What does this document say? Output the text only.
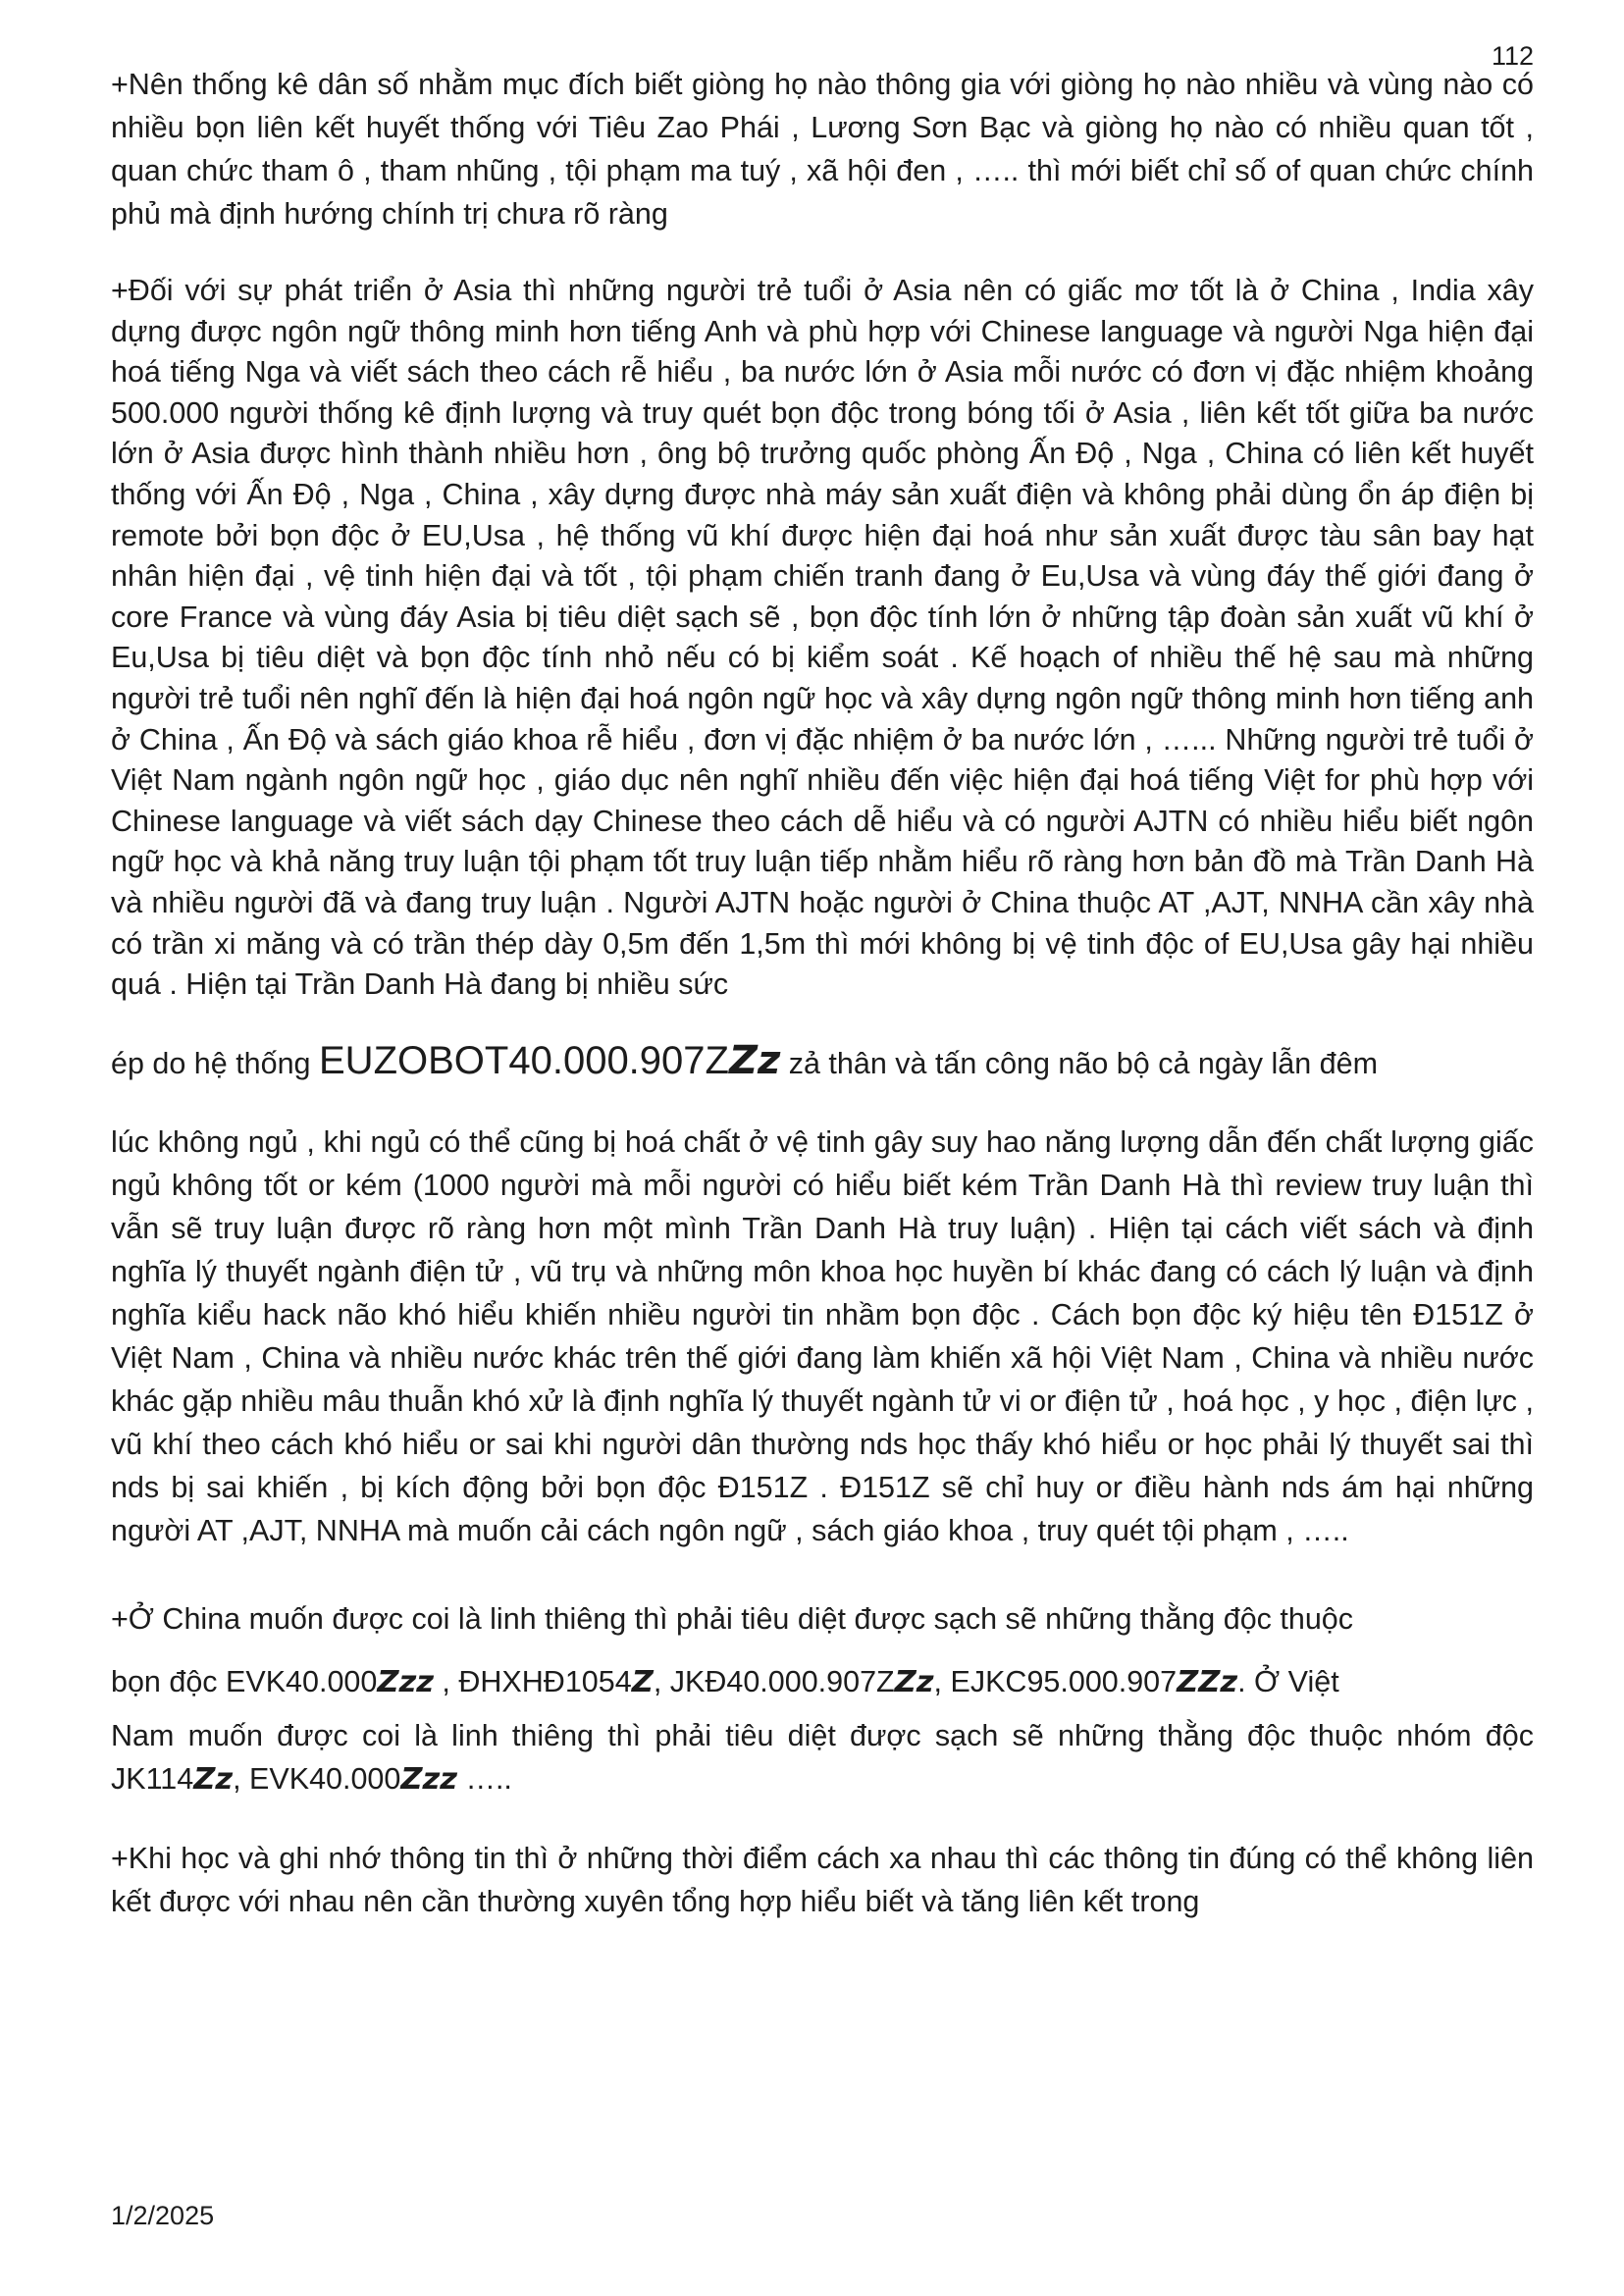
112

+Nên thống kê dân số nhằm mục đích biết giòng họ nào thông gia với giòng họ nào nhiều và vùng nào có nhiều bọn liên kết huyết thống với Tiêu Zao Phái , Lương Sơn Bạc và giòng họ nào có nhiều quan tốt , quan chức tham ô , tham nhũng , tội phạm ma tuý , xã hội đen , ….. thì mới biết chỉ số of quan chức chính phủ mà định hướng chính trị chưa rõ ràng

+Đối với sự phát triển ở Asia thì những người trẻ tuổi ở Asia nên có giấc mơ tốt là ở China , India xây dựng được ngôn ngữ thông minh hơn tiếng Anh và phù hợp với Chinese language và người Nga hiện đại hoá tiếng Nga và viết sách theo cách rễ hiểu , ba nước lớn ở Asia mỗi nước có đơn vị đặc nhiệm khoảng 500.000 người thống kê định lượng và truy quét bọn độc trong bóng tối ở Asia , liên kết tốt giữa ba nước lớn ở Asia được hình thành nhiều hơn , ông bộ trưởng quốc phòng Ấn Độ , Nga , China có liên kết huyết thống với Ấn Độ , Nga , China , xây dựng được nhà máy sản xuất điện và không phải dùng ổn áp điện bị remote bởi bọn độc ở EU,Usa , hệ thống vũ khí được hiện đại hoá như sản xuất được tàu sân bay hạt nhân hiện đại , vệ tinh hiện đại và tốt , tội phạm chiến tranh đang ở Eu,Usa và vùng đáy thế giới đang ở core France và vùng đáy Asia bị tiêu diệt sạch sẽ , bọn độc tính lớn ở những tập đoàn sản xuất vũ khí ở Eu,Usa bị tiêu diệt và bọn độc tính nhỏ nếu có bị kiểm soát . Kế hoạch of nhiều thế hệ sau mà những người trẻ tuổi nên nghĩ đến là hiện đại hoá ngôn ngữ học và xây dựng ngôn ngữ thông minh hơn tiếng anh ở China , Ấn Độ và sách giáo khoa rễ hiểu , đơn vị đặc nhiệm ở ba nước lớn , …... Những người trẻ tuổi ở Việt Nam ngành ngôn ngữ học , giáo dục nên nghĩ nhiều đến việc hiện đại hoá tiếng Việt for phù hợp với Chinese language và viết sách dạy Chinese theo cách dễ hiểu và có người AJTN có nhiều hiểu biết ngôn ngữ học và khả năng truy luận tội phạm tốt truy luận tiếp nhằm hiểu rõ ràng hơn bản đồ mà Trần Danh Hà và nhiều người đã và đang truy luận . Người AJTN hoặc người ở China thuộc AT ,AJT, NNHA cần xây nhà có trần xi măng và có trần thép dày 0,5m đến 1,5m thì mới không bị vệ tinh độc of EU,Usa gây hại nhiều quá . Hiện tại Trần Danh Hà đang bị nhiều sức

ép do hệ thống EUZOBOT40.000.907ZZz zả thân và tấn công não bộ cả ngày lẫn đêm

lúc không ngủ , khi ngủ có thể cũng bị hoá chất ở vệ tinh gây suy hao năng lượng dẫn đến chất lượng giấc ngủ không tốt or kém (1000 người mà mỗi người có hiểu biết kém Trần Danh Hà thì review truy luận thì vẫn sẽ truy luận được rõ ràng hơn một mình Trần Danh Hà truy luận) . Hiện tại cách viết sách và định nghĩa lý thuyết ngành điện tử , vũ trụ và những môn khoa học huyền bí khác đang có cách lý luận và định nghĩa kiểu hack não khó hiểu khiến nhiều người tin nhầm bọn độc . Cách bọn độc ký hiệu tên Đ151Z ở Việt Nam , China và nhiều nước khác trên thế giới đang làm khiến xã hội Việt Nam , China và nhiều nước khác gặp nhiều mâu thuẫn khó xử là định nghĩa lý thuyết ngành tử vi or điện tử , hoá học , y học , điện lực , vũ khí theo cách khó hiểu or sai khi người dân thường nds học thấy khó hiểu or học phải lý thuyết sai thì nds bị sai khiến , bị kích động bởi bọn độc Đ151Z . Đ151Z sẽ chỉ huy or điều hành nds ám hại những người AT ,AJT, NNHA mà muốn cải cách ngôn ngữ , sách giáo khoa , truy quét tội phạm , …..

+Ở China muốn được coi là linh thiêng thì phải tiêu diệt được sạch sẽ những thằng độc thuộc
bọn độc EVK40.000Zzz , ĐHXHĐ1054Z, JKĐ40.000.907ZZz, EJKC95.000.907ZZz. Ở Việt

Nam muốn được coi là linh thiêng thì phải tiêu diệt được sạch sẽ những thằng độc thuộc nhóm độc JK114Zz, EVK40.000Zzz …..

+Khi học và ghi nhớ thông tin thì ở những thời điểm cách xa nhau thì các thông tin đúng có thể không liên kết được với nhau nên cần thường xuyên tổng hợp hiểu biết và tăng liên kết trong

1/2/2025
